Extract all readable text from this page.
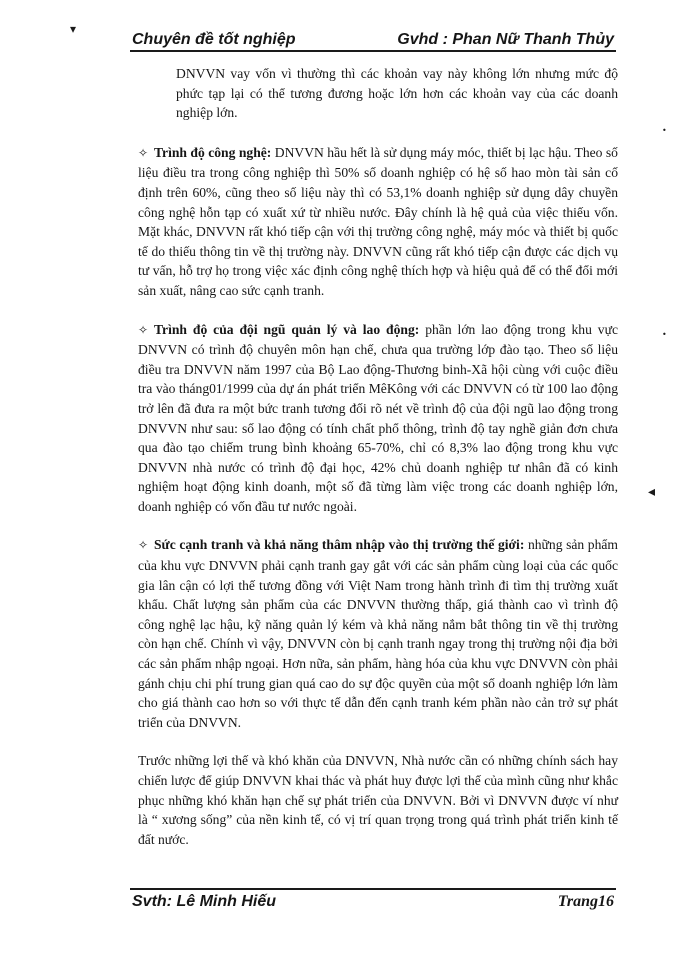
▾
•
•
◂
Chuyên đề tốt nghiệp	Gvhd : Phan Nữ Thanh Thủy

DNVVN vay vốn vì thường thì các khoản vay này không lớn nhưng mức độ phức tạp lại có thể tương đương hoặc lớn hơn các khoản vay của các doanh nghiệp lớn.

✧ Trình độ công nghệ: DNVVN hầu hết là sử dụng máy móc, thiết bị lạc hậu. Theo số liệu điều tra trong công nghiệp thì 50% số doanh nghiệp có hệ số hao mòn tài sản cố định trên 60%, cũng theo số liệu này thì có 53,1% doanh nghiệp sử dụng dây chuyền công nghệ hỗn tạp có xuất xứ từ nhiều nước. Đây chính là hệ quả của việc thiếu vốn. Mặt khác, DNVVN rất khó tiếp cận với thị trường công nghệ, máy móc và thiết bị quốc tế do thiếu thông tin về thị trường này. DNVVN cũng rất khó tiếp cận được các dịch vụ tư vấn, hỗ trợ họ trong việc xác định công nghệ thích hợp và hiệu quả để có thể đổi mới sản xuất, nâng cao sức cạnh tranh.

✧ Trình độ của đội ngũ quản lý và lao động: phần lớn lao động trong khu vực DNVVN có trình độ chuyên môn hạn chế, chưa qua trường lớp đào tạo. Theo số liệu điều tra DNVVN năm 1997 của Bộ Lao động-Thương binh-Xã hội cùng với cuộc điều tra vào tháng01/1999 của dự án phát triển MêKông với các DNVVN có từ 100 lao động trở lên đã đưa ra một bức tranh tương đối rõ nét về trình độ của đội ngũ lao động trong DNVVN như sau: số lao động có tính chất phổ thông, trình độ tay nghề giản đơn chưa qua đào tạo chiếm trung bình khoảng 65-70%, chỉ có 8,3% lao động trong khu vực DNVVN nhà nước có trình độ đại học, 42% chủ doanh nghiệp tư nhân đã có kinh nghiệm hoạt động kinh doanh, một số đã từng làm việc trong các doanh nghiệp lớn, doanh nghiệp có vốn đầu tư nước ngoài.

✧ Sức cạnh tranh và khả năng thâm nhập vào thị trường thế giới: những sản phẩm của khu vực DNVVN phải cạnh tranh gay gắt với các sản phẩm cùng loại của các quốc gia lân cận có lợi thế tương đồng với Việt Nam trong hành trình đi tìm thị trường xuất khẩu. Chất lượng sản phẩm của các DNVVN thường thấp, giá thành cao vì trình độ công nghệ lạc hậu, kỹ năng quản lý kém và khả năng nắm bắt thông tin về thị trường còn hạn chế. Chính vì vậy, DNVVN còn bị cạnh tranh ngay trong thị trường nội địa bởi các sản phẩm nhập ngoại. Hơn nữa, sản phẩm, hàng hóa của khu vực DNVVN còn phải gánh chịu chi phí trung gian quá cao do sự độc quyền của một số doanh nghiệp lớn làm cho giá thành cao hơn so với thực tế dẫn đến cạnh tranh kém phần nào cản trở sự phát triển của DNVVN.

Trước những lợi thế và khó khăn của DNVVN, Nhà nước cần có những chính sách hay chiến lược để giúp DNVVN khai thác và phát huy được lợi thế của mình cũng như khắc phục những khó khăn hạn chế sự phát triển của DNVVN. Bởi vì DNVVN được ví như là “ xương sống” của nền kinh tế, có vị trí quan trọng trong quá trình phát triển kinh tế đất nước.

Svth: Lê Minh Hiếu	Trang16
